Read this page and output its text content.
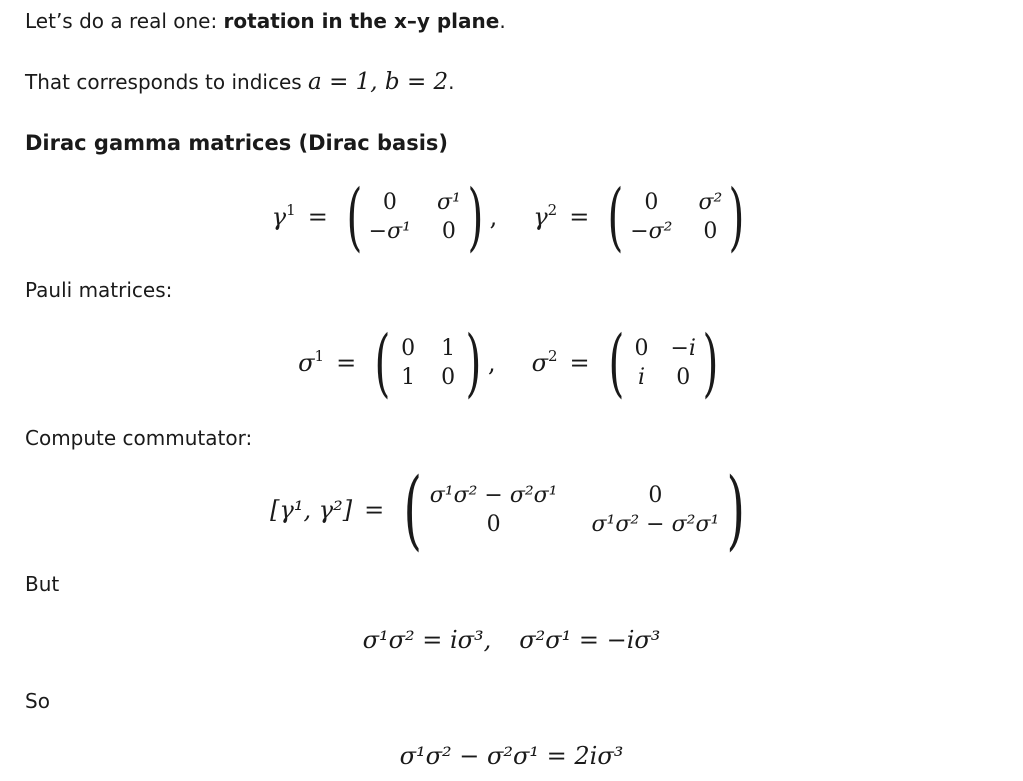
Let’s do a real one: rotation in the x–y plane.
That corresponds to indices a = 1, b = 2.
Dirac gamma matrices (Dirac basis)
$\gamma^1$ = ( 0	σ¹
−σ¹ 0 ) , $\gamma^2$ = ( 0	σ²
−σ² 0 )
Pauli matrices:
$\sigma^1$ = ( 0 1
1 0 ) , $\sigma^2$ = ( 0 −i
i	0 )
Compute commutator:
[γ¹, γ²] = ( σ¹σ² − σ²σ¹	0
0	σ¹σ² − σ²σ¹ )
But
σ¹σ² = iσ³, σ²σ¹ = −iσ³
So
σ¹σ² − σ²σ¹ = 2iσ³
